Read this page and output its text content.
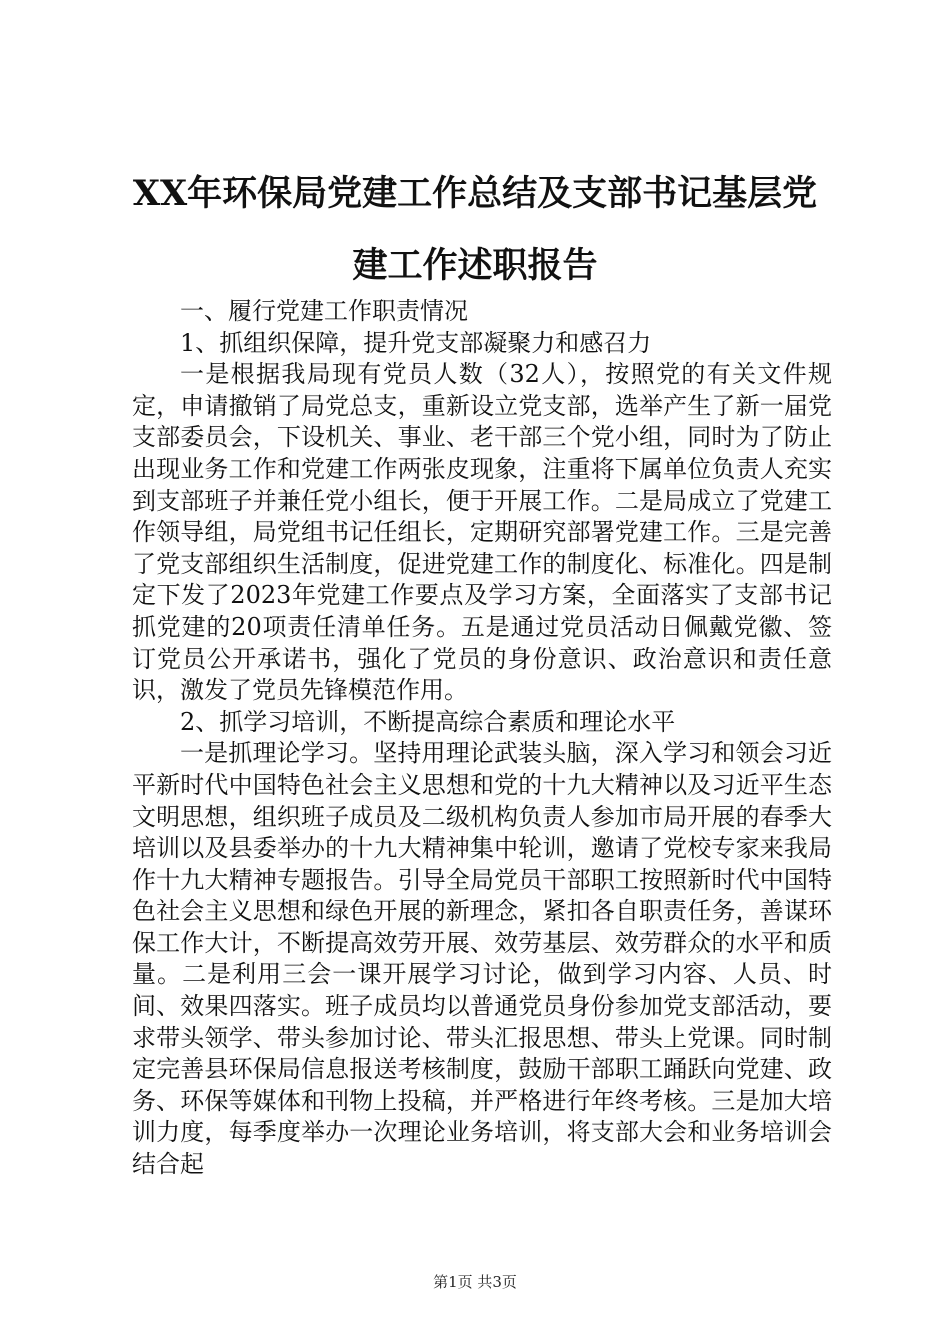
XX年环保局党建工作总结及支部书记基层党建工作述职报告

一、履行党建工作职责情况

1、抓组织保障，提升党支部凝聚力和感召力

一是根据我局现有党员人数（32人），按照党的有关文件规定，申请撤销了局党总支，重新设立党支部，选举产生了新一届党支部委员会，下设机关、事业、老干部三个党小组，同时为了防止出现业务工作和党建工作两张皮现象，注重将下属单位负责人充实到支部班子并兼任党小组长，便于开展工作。二是局成立了党建工作领导组，局党组书记任组长，定期研究部署党建工作。三是完善了党支部组织生活制度，促进党建工作的制度化、标准化。四是制定下发了2023年党建工作要点及学习方案，全面落实了支部书记抓党建的20项责任清单任务。五是通过党员活动日佩戴党徽、签订党员公开承诺书，强化了党员的身份意识、政治意识和责任意识，激发了党员先锋模范作用。

2、抓学习培训，不断提高综合素质和理论水平

一是抓理论学习。坚持用理论武装头脑，深入学习和领会习近平新时代中国特色社会主义思想和党的十九大精神以及习近平生态文明思想，组织班子成员及二级机构负责人参加市局开展的春季大培训以及县委举办的十九大精神集中轮训，邀请了党校专家来我局作十九大精神专题报告。引导全局党员干部职工按照新时代中国特色社会主义思想和绿色开展的新理念，紧扣各自职责任务，善谋环保工作大计，不断提高效劳开展、效劳基层、效劳群众的水平和质量。二是利用三会一课开展学习讨论，做到学习内容、人员、时间、效果四落实。班子成员均以普通党员身份参加党支部活动，要求带头领学、带头参加讨论、带头汇报思想、带头上党课。同时制定完善县环保局信息报送考核制度，鼓励干部职工踊跃向党建、政务、环保等媒体和刊物上投稿，并严格进行年终考核。三是加大培训力度，每季度举办一次理论业务培训，将支部大会和业务培训会结合起

第1页 共3页
